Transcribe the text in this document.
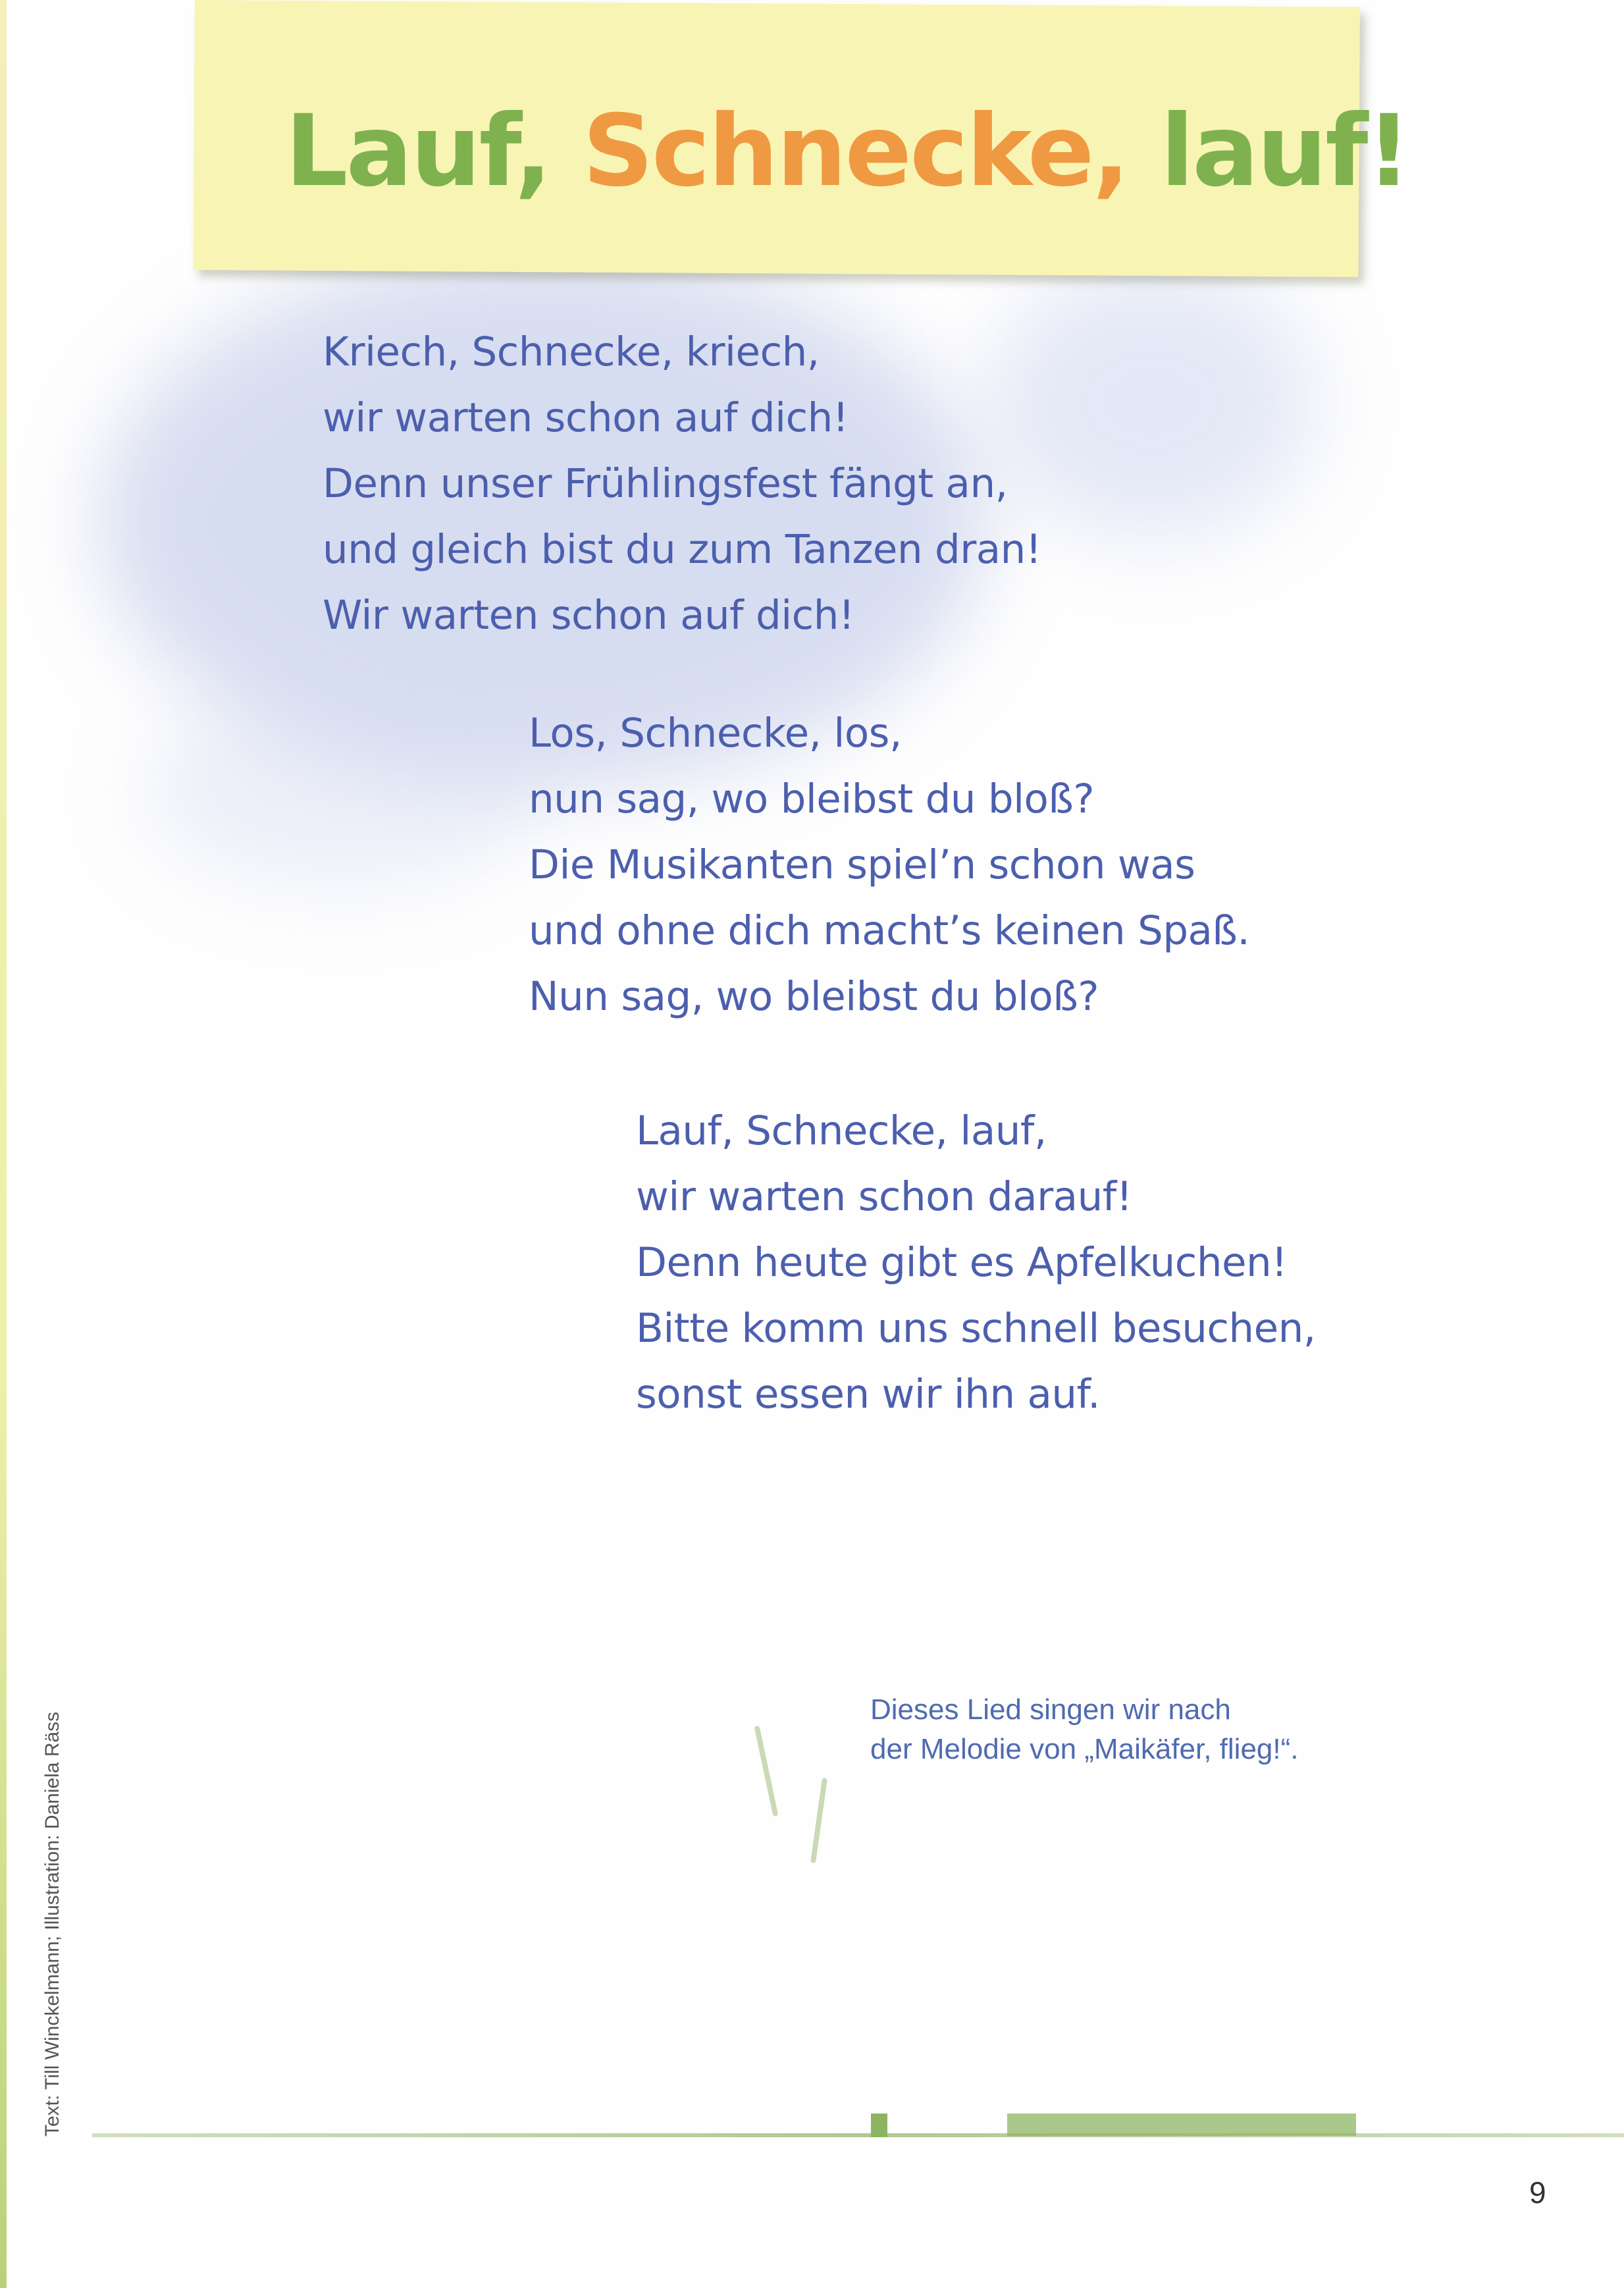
Lauf, Schnecke, lauf!
Kriech, Schnecke, kriech,
wir warten schon auf dich!
Denn unser Frühlingsfest fängt an,
und gleich bist du zum Tanzen dran!
Wir warten schon auf dich!
Los, Schnecke, los,
nun sag, wo bleibst du bloß?
Die Musikanten spiel’n schon was
und ohne dich macht’s keinen Spaß.
Nun sag, wo bleibst du bloß?
Lauf, Schnecke, lauf,
wir warten schon darauf!
Denn heute gibt es Apfelkuchen!
Bitte komm uns schnell besuchen,
sonst essen wir ihn auf.
Dieses Lied singen wir nach
der Melodie von „Maikäfer, flieg!“.
Text: Till Winckelmann; Illustration: Daniela Räss
9
